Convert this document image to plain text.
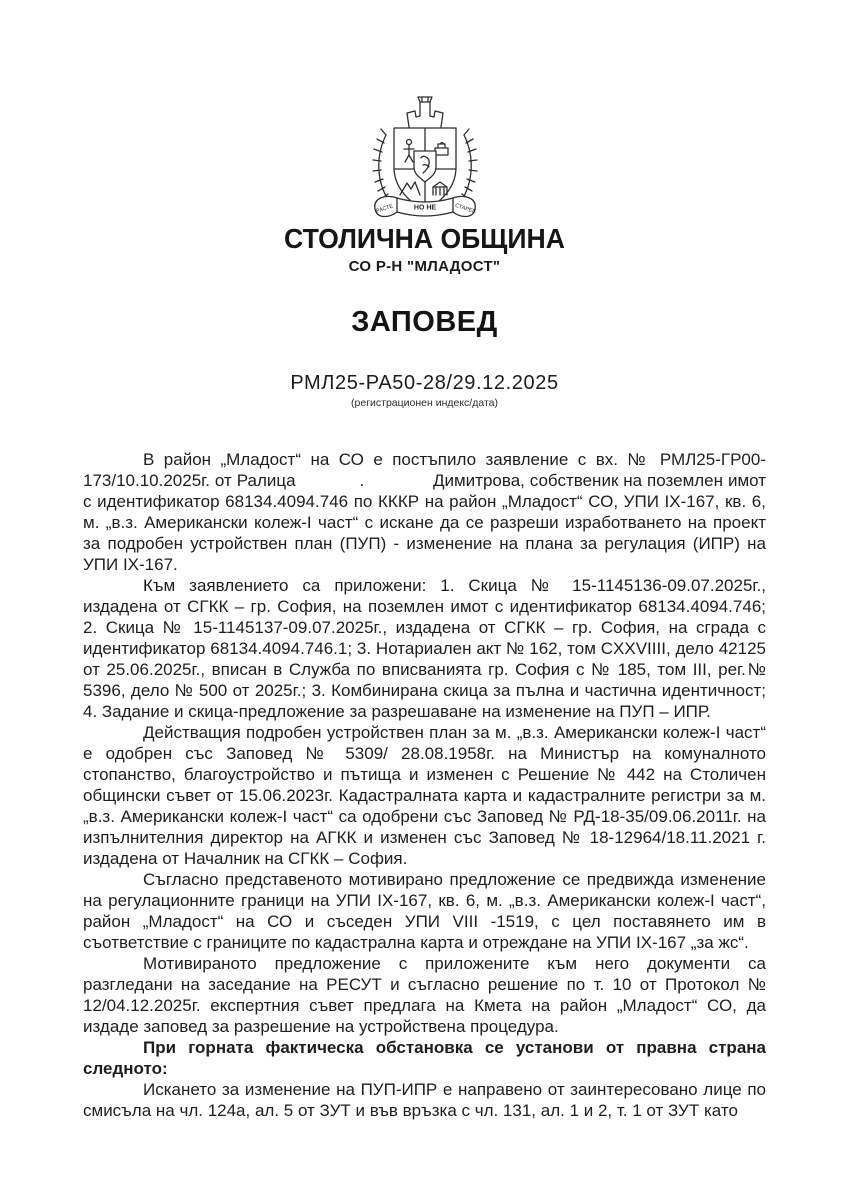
РАСТЕ	НО НЕ	СТАРЕЕ
СТОЛИЧНА ОБЩИНА
СО Р-Н "МЛАДОСТ"
ЗАПОВЕД
РМЛ25-РА50-28/29.12.2025
(регистрационен индекс/дата)

В район „Младост“ на СО е постъпило заявление с вх. № РМЛ25-ГР00-173/10.10.2025г. от Ралица             .              Димитрова, собственик на поземлен имот с идентификатор 68134.4094.746 по КККР на район „Младост“ СО, УПИ IX-167, кв. 6, м. „в.з. Американски колеж-I част“ с искане да се разреши изработването на проект за подробен устройствен план (ПУП) - изменение на плана за регулация (ИПР) на УПИ IX-167.

Към заявлението са приложени: 1. Скица № 15-1145136-09.07.2025г., издадена от СГКК – гр. София, на поземлен имот с идентификатор 68134.4094.746; 2. Скица № 15-1145137-09.07.2025г., издадена от СГКК – гр. София, на сграда с идентификатор 68134.4094.746.1; 3. Нотариален акт № 162, том CXXVIIII, дело 42125 от 25.06.2025г., вписан в Служба по вписванията гр. София с № 185, том III, рег.№ 5396, дело № 500 от 2025г.; 3. Комбинирана скица за пълна и частична идентичност; 4. Задание и скица-предложение за разрешаване на изменение на ПУП – ИПР.

Действащия подробен устройствен план за м. „в.з. Американски колеж-I част“ е одобрен със Заповед № 5309/ 28.08.1958г. на Министър на комуналното стопанство, благоустройство и пътища и изменен с Решение № 442 на Столичен общински съвет от 15.06.2023г. Кадастралната карта и кадастралните регистри за м. „в.з. Американски колеж-I част“ са одобрени със Заповед № РД-18-35/09.06.2011г. на изпълнителния директор на АГКК и изменен със Заповед № 18-12964/18.11.2021 г. издадена от Началник на СГКК – София.

Съгласно представеното мотивирано предложение се предвижда изменение на регулационните граници на УПИ IX-167, кв. 6, м. „в.з. Американски колеж-I част“, район „Младост“ на СО и съседен УПИ VIII -1519, с цел поставянето им в съответствие с границите по кадастрална карта и отреждане на УПИ IX-167 „за жс“.

Мотивираното предложение с приложените към него документи са разгледани на заседание на РЕСУТ и съгласно решение по т. 10 от Протокол № 12/04.12.2025г. експертния съвет предлага на Кмета на район „Младост“ СО, да издаде заповед за разрешение на устройствена процедура.

При горната фактическа обстановка се установи от правна страна следното:

Искането за изменение на ПУП-ИПР е направено от заинтересовано лице по смисъла на чл. 124а, ал. 5 от ЗУТ и във връзка с чл. 131, ал. 1 и 2, т. 1 от ЗУТ като
